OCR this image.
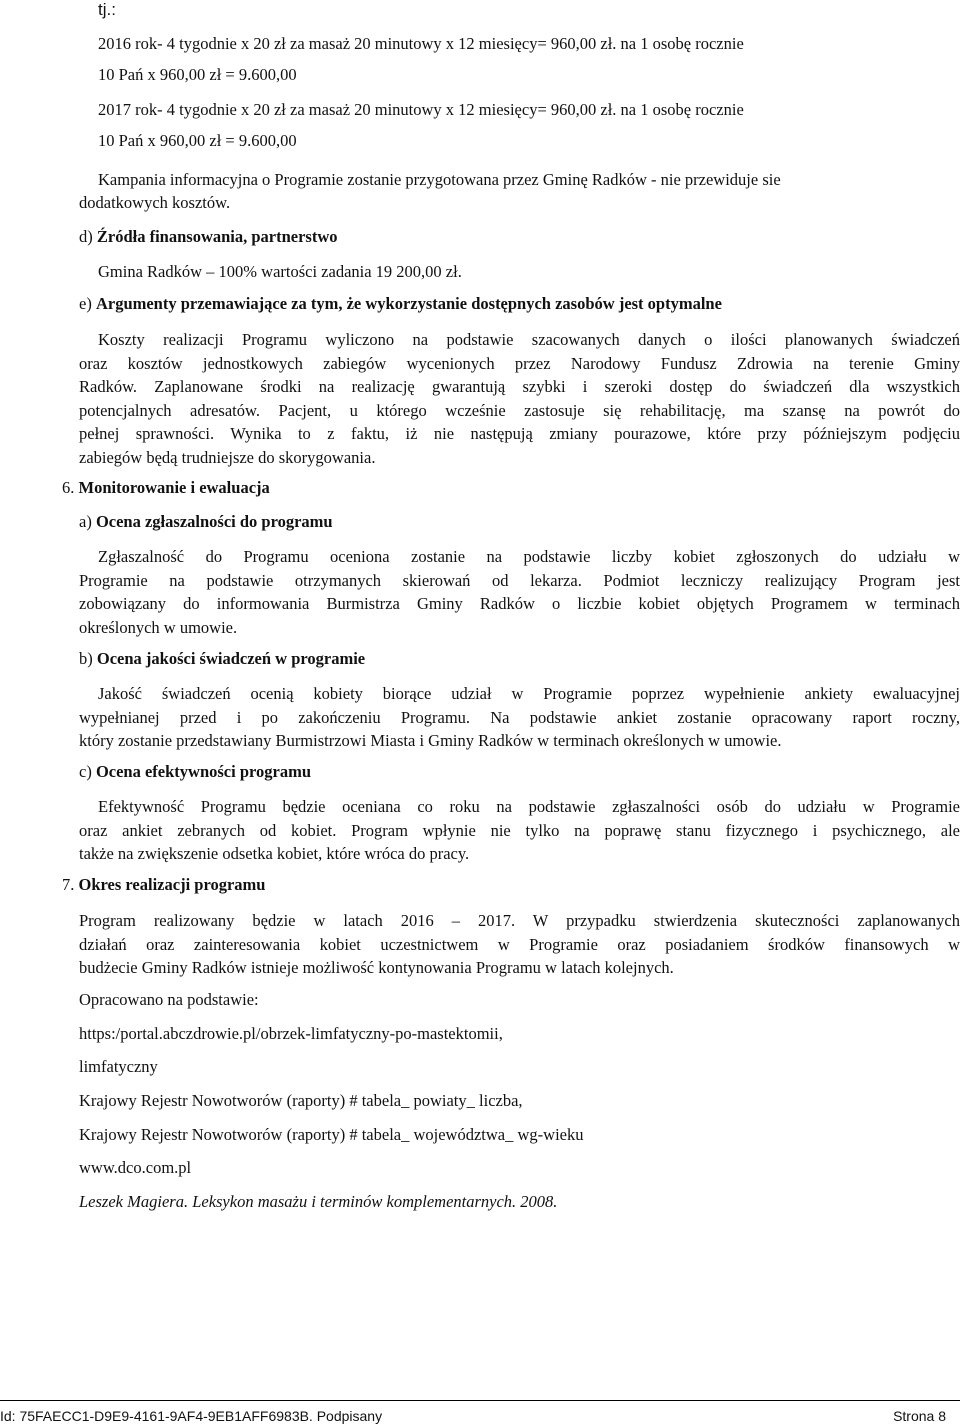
tj.:
2016 rok- 4 tygodnie x 20 zł za masaż 20 minutowy x 12 miesięcy= 960,00 zł. na 1 osobę rocznie
10 Pań x 960,00 zł = 9.600,00
2017 rok- 4 tygodnie x 20 zł za masaż 20 minutowy x 12 miesięcy= 960,00 zł. na 1 osobę rocznie
10 Pań x 960,00 zł = 9.600,00
Kampania informacyjna o Programie zostanie przygotowana przez Gminę Radków - nie przewiduje sie
dodatkowych kosztów.
d) Źródła finansowania, partnerstwo
Gmina Radków – 100% wartości zadania 19 200,00 zł.
e) Argumenty przemawiające za tym, że wykorzystanie dostępnych zasobów jest optymalne
Koszty realizacji Programu wyliczono na podstawie szacowanych danych o ilości planowanych świadczeń
oraz kosztów jednostkowych zabiegów wycenionych przez Narodowy Fundusz Zdrowia na terenie Gminy
Radków. Zaplanowane środki na realizację gwarantują szybki i szeroki dostęp do świadczeń dla wszystkich
potencjalnych adresatów. Pacjent, u którego wcześnie zastosuje się rehabilitację, ma szansę na powrót do
pełnej sprawności. Wynika to z faktu, iż nie następują zmiany pourazowe, które przy późniejszym podjęciu
zabiegów będą trudniejsze do skorygowania.
6. Monitorowanie i ewaluacja
a) Ocena zgłaszalności do programu
Zgłaszalność do Programu oceniona zostanie na podstawie liczby kobiet zgłoszonych do udziału w
Programie na podstawie otrzymanych skierowań od lekarza. Podmiot leczniczy realizujący Program jest
zobowiązany do informowania Burmistrza Gminy Radków o liczbie kobiet objętych Programem w terminach
określonych w umowie.
b) Ocena jakości świadczeń w programie
Jakość świadczeń ocenią kobiety biorące udział w Programie poprzez wypełnienie ankiety ewaluacyjnej
wypełnianej przed i po zakończeniu Programu. Na podstawie ankiet zostanie opracowany raport roczny,
który zostanie przedstawiany Burmistrzowi Miasta i Gminy Radków w terminach określonych w umowie.
c) Ocena efektywności programu
Efektywność Programu będzie oceniana co roku na podstawie zgłaszalności osób do udziału w Programie
oraz ankiet zebranych od kobiet. Program wpłynie nie tylko na poprawę stanu fizycznego i psychicznego, ale
także na zwiększenie odsetka kobiet, które wróca do pracy.
7. Okres realizacji programu
Program realizowany będzie w latach 2016 – 2017. W przypadku stwierdzenia skuteczności zaplanowanych
działań oraz zainteresowania kobiet uczestnictwem w Programie oraz posiadaniem środków finansowych w
budżecie Gminy Radków istnieje możliwość kontynowania Programu w latach kolejnych.
Opracowano na podstawie:
https:/portal.abczdrowie.pl/obrzek-limfatyczny-po-mastektomii,
limfatyczny
Krajowy Rejestr Nowotworów (raporty) # tabela_ powiaty_ liczba,
Krajowy Rejestr Nowotworów (raporty) # tabela_ województwa_ wg-wieku
www.dco.com.pl
Leszek Magiera. Leksykon masażu i terminów komplementarnych. 2008.
Id: 75FAECC1-D9E9-4161-9AF4-9EB1AFF6983B. Podpisany	Strona 8
